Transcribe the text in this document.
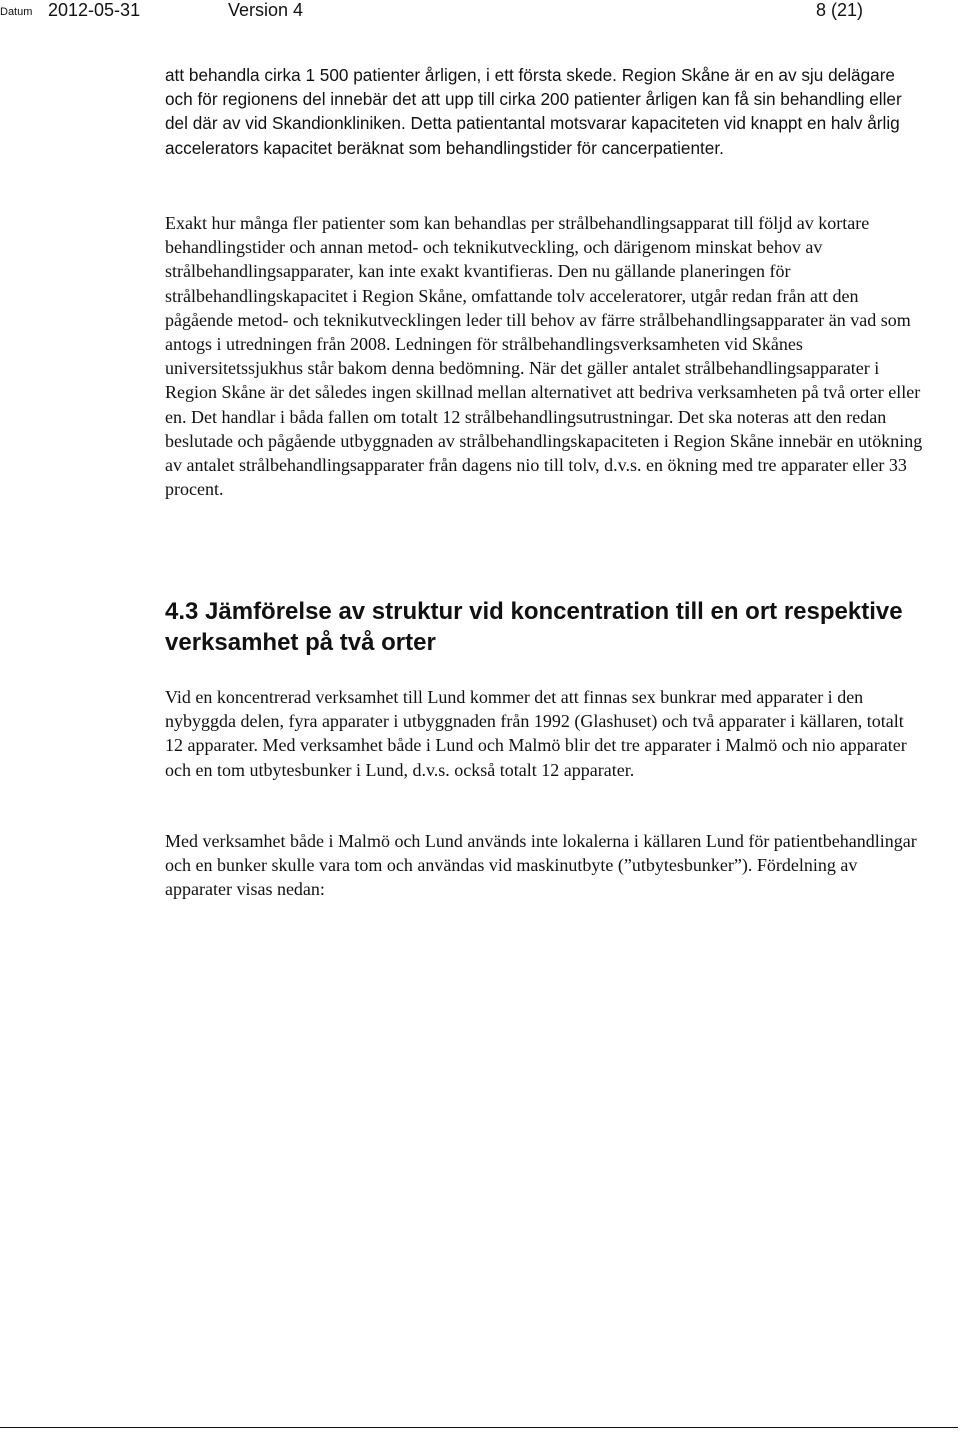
Datum 2012-05-31	Version 4	8 (21)

att behandla cirka 1 500 patienter årligen, i ett första skede. Region Skåne är en av sju delägare och för regionens del innebär det att upp till cirka 200 patienter årligen kan få sin behandling eller del där av vid Skandionkliniken. Detta patientantal motsvarar kapaciteten vid knappt en halv årlig accelerators kapacitet beräknat som behandlingstider för cancerpatienter.

Exakt hur många fler patienter som kan behandlas per strålbehandlingsapparat till följd av kortare behandlingstider och annan metod- och teknikutveckling, och därigenom minskat behov av strålbehandlingsapparater, kan inte exakt kvantifieras. Den nu gällande planeringen för strålbehandlingskapacitet i Region Skåne, omfattande tolv acceleratorer, utgår redan från att den pågående metod- och teknikutvecklingen leder till behov av färre strålbehandlingsapparater än vad som antogs i utredningen från 2008. Ledningen för strålbehandlingsverksamheten vid Skånes universitetssjukhus står bakom denna bedömning. När det gäller antalet strålbehandlingsapparater i Region Skåne är det således ingen skillnad mellan alternativet att bedriva verksamheten på två orter eller en. Det handlar i båda fallen om totalt 12 strålbehandlingsutrustningar. Det ska noteras att den redan beslutade och pågående utbyggnaden av strålbehandlingskapaciteten i Region Skåne innebär en utökning av antalet strålbehandlingsapparater från dagens nio till tolv, d.v.s. en ökning med tre apparater eller 33 procent.

4.3 Jämförelse av struktur vid koncentration till en ort respektive verksamhet på två orter

Vid en koncentrerad verksamhet till Lund kommer det att finnas sex bunkrar med apparater i den nybyggda delen, fyra apparater i utbyggnaden från 1992 (Glashuset) och två apparater i källaren, totalt 12 apparater. Med verksamhet både i Lund och Malmö blir det tre apparater i Malmö och nio apparater och en tom utbytesbunker i Lund, d.v.s. också totalt 12 apparater.

Med verksamhet både i Malmö och Lund används inte lokalerna i källaren Lund för patientbehandlingar och en bunker skulle vara tom och användas vid maskinutbyte (”utbytesbunker”). Fördelning av apparater visas nedan:
